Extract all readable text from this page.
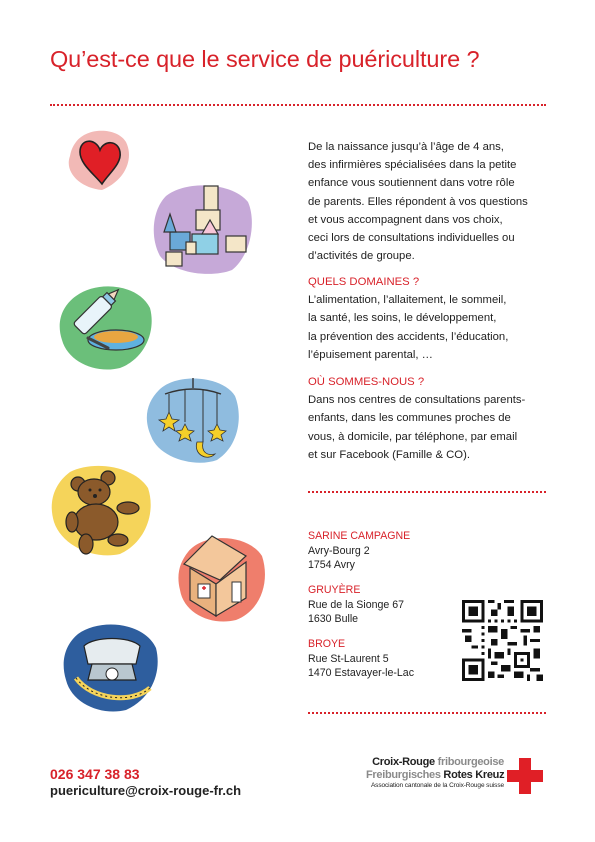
Qu’est-ce que le service de puériculture ?
De la naissance jusqu’à l’âge de 4 ans,
des infirmières spécialisées dans la petite
enfance vous soutiennent dans votre rôle
de parents. Elles répondent à vos questions
et vous accompagnent dans vos choix,
ceci lors de consultations individuelles ou
d’activités de groupe.
QUELS DOMAINES ?
L’alimentation, l’allaitement, le sommeil,
la santé, les soins, le développement,
la prévention des accidents, l’éducation,
l’épuisement parental, …
OÙ SOMMES-NOUS ?
Dans nos centres de consultations parents-
enfants, dans les communes proches de
vous, à domicile, par téléphone, par email
et sur Facebook (Famille & CO).
SARINE CAMPAGNE
Avry-Bourg 2
1754 Avry
GRUYÈRE
Rue de la Sionge 67
1630 Bulle
BROYE
Rue St-Laurent 5
1470 Estavayer-le-Lac
026 347 38 83
puericulture@croix-rouge-fr.ch
Croix-Rouge fribourgeoise
Freiburgisches Rotes Kreuz
Association cantonale de la Croix-Rouge suisse
